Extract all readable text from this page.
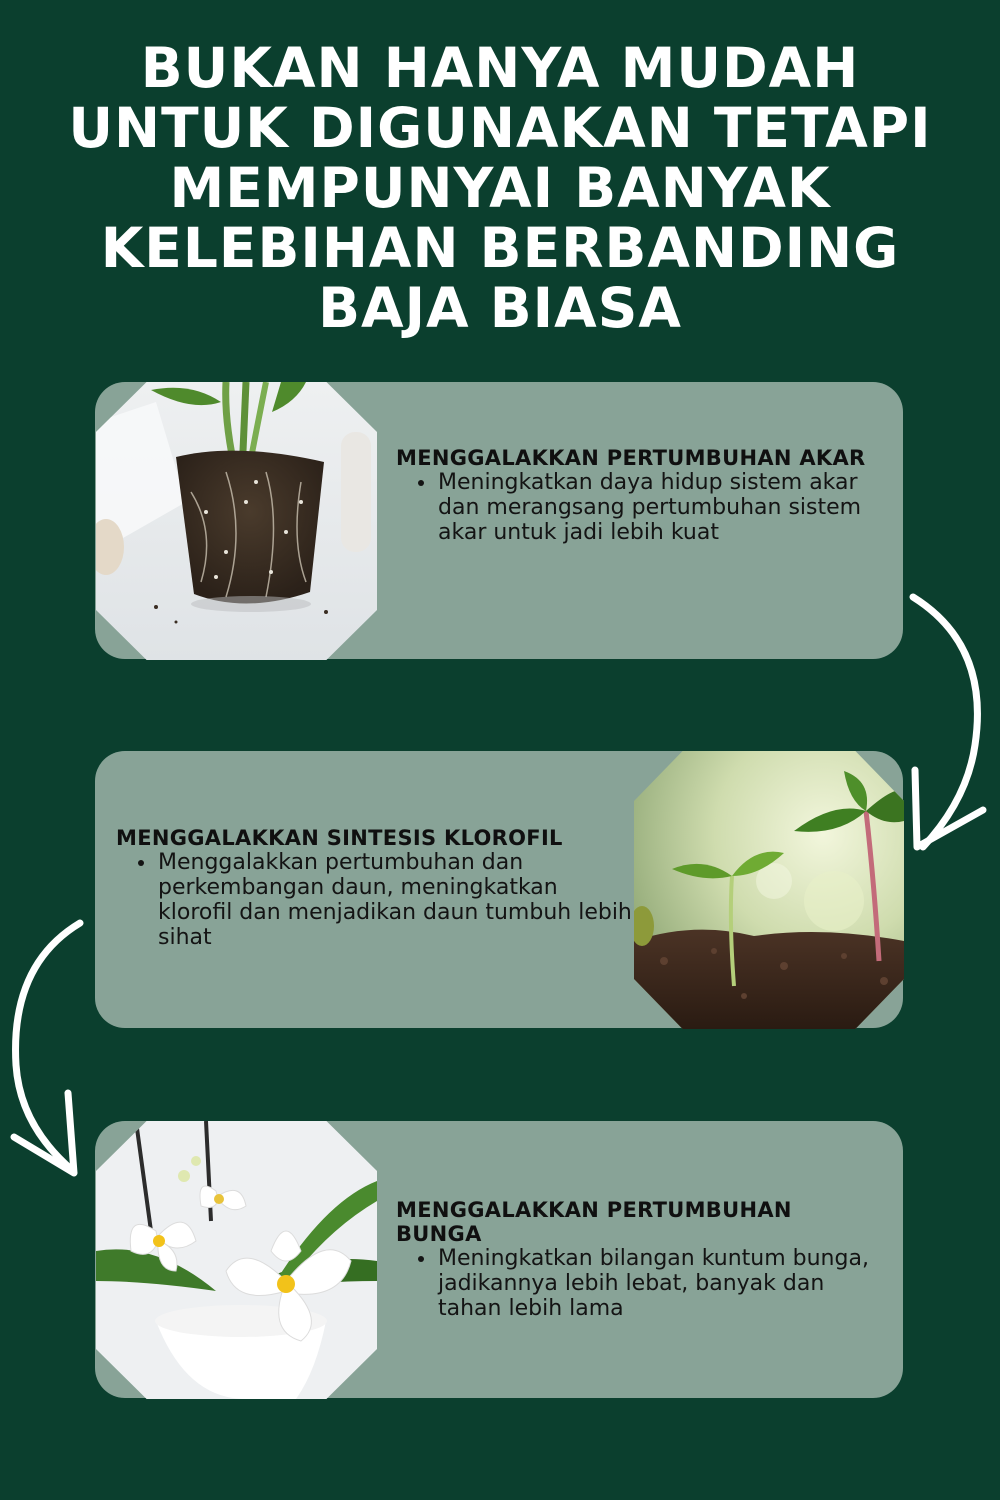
BUKAN HANYA MUDAH UNTUK DIGUNAKAN TETAPI MEMPUNYAI BANYAK KELEBIHAN BERBANDING BAJA BIASA
MENGGALAKKAN PERTUMBUHAN AKAR
Meningkatkan daya hidup sistem akar dan merangsang pertumbuhan sistem akar untuk jadi lebih kuat
MENGGALAKKAN SINTESIS KLOROFIL
Menggalakkan pertumbuhan dan perkembangan daun, meningkatkan klorofil dan menjadikan daun tumbuh lebih sihat
MENGGALAKKAN PERTUMBUHAN BUNGA
Meningkatkan bilangan kuntum bunga, jadikannya lebih lebat, banyak dan tahan lebih lama
